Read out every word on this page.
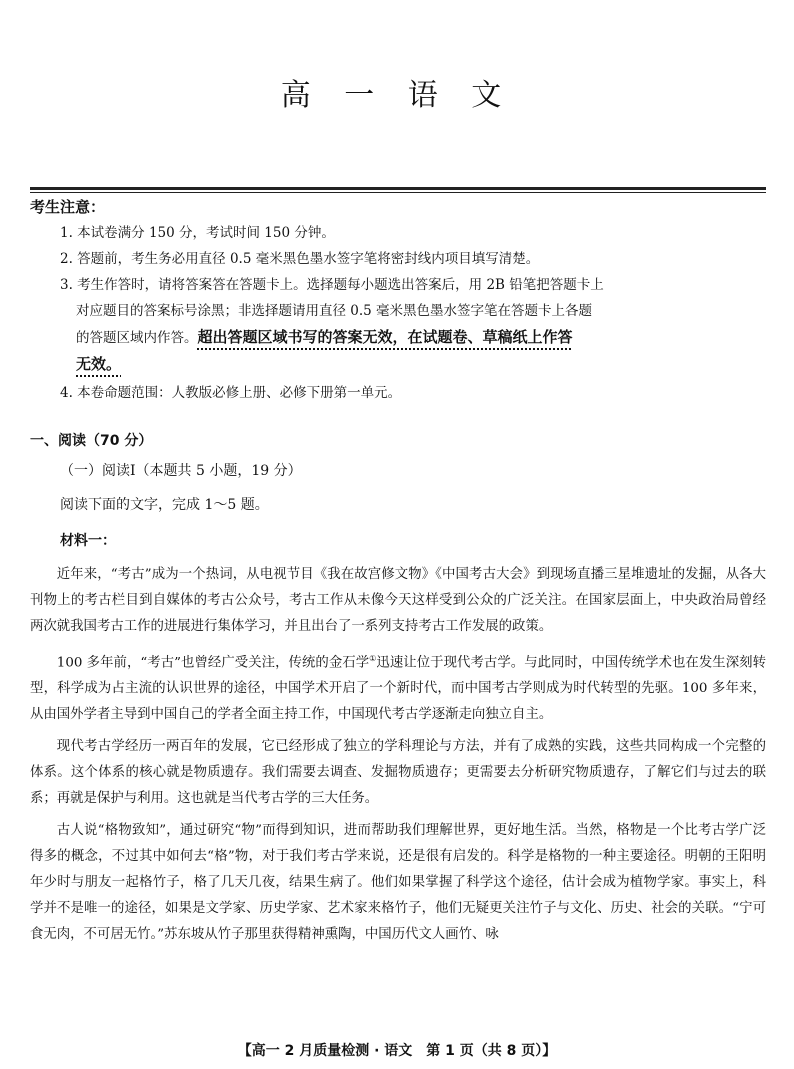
高 一 语 文
考生注意：
1. 本试卷满分 150 分，考试时间 150 分钟。
2. 答题前，考生务必用直径 0.5 毫米黑色墨水签字笔将密封线内项目填写清楚。
3. 考生作答时，请将答案答在答题卡上。选择题每小题选出答案后，用 2B 铅笔把答题卡上
对应题目的答案标号涂黑；非选择题请用直径 0.5 毫米黑色墨水签字笔在答题卡上各题
的答题区域内作答。超出答题区域书写的答案无效，在试题卷、草稿纸上作答
无效。
4. 本卷命题范围：人教版必修上册、必修下册第一单元。
一、阅读（70 分）
（一）阅读Ⅰ（本题共 5 小题，19 分）
阅读下面的文字，完成 1～5 题。
材料一：

近年来，“考古”成为一个热词，从电视节目《我在故宫修文物》《中国考古大会》到现场直播三星堆遗址的发掘，从各大刊物上的考古栏目到自媒体的考古公众号，考古工作从未像今天这样受到公众的广泛关注。在国家层面上，中央政治局曾经两次就我国考古工作的进展进行集体学习，并且出台了一系列支持考古工作发展的政策。

100 多年前，“考古”也曾经广受关注，传统的金石学①迅速让位于现代考古学。与此同时，中国传统学术也在发生深刻转型，科学成为占主流的认识世界的途径，中国学术开启了一个新时代，而中国考古学则成为时代转型的先驱。100 多年来，从由国外学者主导到中国自己的学者全面主持工作，中国现代考古学逐渐走向独立自主。

现代考古学经历一两百年的发展，它已经形成了独立的学科理论与方法，并有了成熟的实践，这些共同构成一个完整的体系。这个体系的核心就是物质遗存。我们需要去调查、发掘物质遗存；更需要去分析研究物质遗存，了解它们与过去的联系；再就是保护与利用。这也就是当代考古学的三大任务。

古人说“格物致知”，通过研究“物”而得到知识，进而帮助我们理解世界，更好地生活。当然，格物是一个比考古学广泛得多的概念，不过其中如何去“格”物，对于我们考古学来说，还是很有启发的。科学是格物的一种主要途径。明朝的王阳明年少时与朋友一起格竹子，格了几天几夜，结果生病了。他们如果掌握了科学这个途径，估计会成为植物学家。事实上，科学并不是唯一的途径，如果是文学家、历史学家、艺术家来格竹子，他们无疑更关注竹子与文化、历史、社会的关联。“宁可食无肉，不可居无竹。”苏东坡从竹子那里获得精神熏陶，中国历代文人画竹、咏

【高一 2 月质量检测 · 语文　第 1 页（共 8 页）】
